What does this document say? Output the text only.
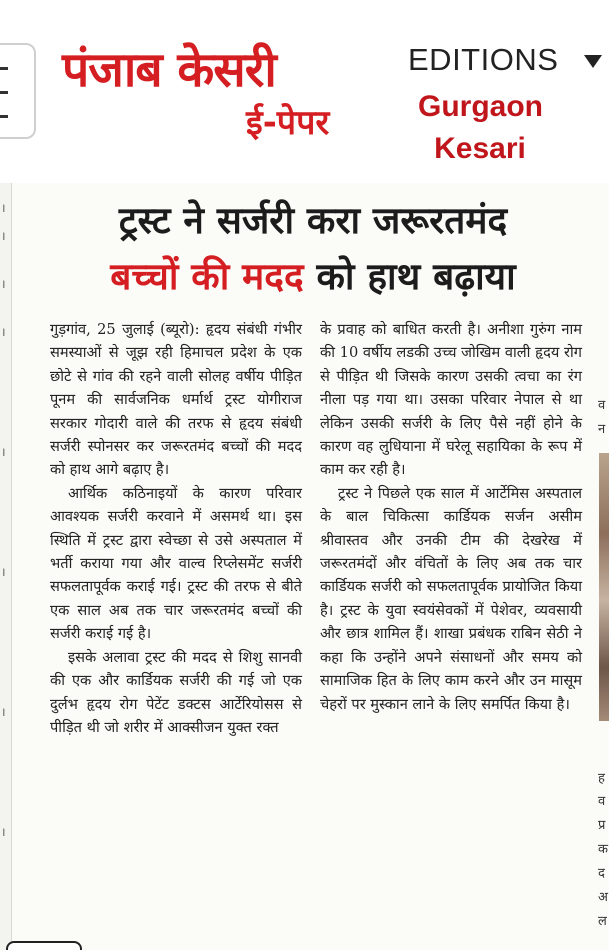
पंजाब केसरी
ई-पेपर
EDITIONS
Gurgaon Kesari
।
।
।
।
।
।
।
।
ट्रस्ट ने सर्जरी करा जरूरतमंद
बच्चों की मदद को हाथ बढ़ाया

गुड़गांव, 25 जुलाई (ब्यूरो): हृदय संबंधी गंभीर समस्याओं से जूझ रही हिमाचल प्रदेश के एक छोटे से गांव की रहने वाली सोलह वर्षीय पीड़ित पूनम की सार्वजनिक धर्मार्थ ट्रस्ट योगीराज सरकार गोदारी वाले की तरफ से हृदय संबंधी सर्जरी स्पोनसर कर जरूरतमंद बच्चों की मदद को हाथ आगे बढ़ाए है।

आर्थिक कठिनाइयों के कारण परिवार आवश्यक सर्जरी करवाने में असमर्थ था। इस स्थिति में ट्रस्ट द्वारा स्वेच्छा से उसे अस्पताल में भर्ती कराया गया और वाल्व रिप्लेसमेंट सर्जरी सफलतापूर्वक कराई गई। ट्रस्ट की तरफ से बीते एक साल अब तक चार जरूरतमंद बच्चों की सर्जरी कराई गई है।

इसके अलावा ट्रस्ट की मदद से शिशु सानवी की एक और कार्डियक सर्जरी की गई जो एक दुर्लभ हृदय रोग पेटेंट डक्टस आर्टेरियोसस से पीड़ित थी जो शरीर में आक्सीजन युक्त रक्त

के प्रवाह को बाधित करती है। अनीशा गुरुंग नाम की 10 वर्षीय लडकी उच्च जोखिम वाली हृदय रोग से पीड़ित थी जिसके कारण उसकी त्वचा का रंग नीला पड़ गया था। उसका परिवार नेपाल से था लेकिन उसकी सर्जरी के लिए पैसे नहीं होने के कारण वह लुधियाना में घरेलू सहायिका के रूप में काम कर रही है।

ट्रस्ट ने पिछले एक साल में आर्टेमिस अस्पताल के बाल चिकित्सा कार्डियक सर्जन असीम श्रीवास्तव और उनकी टीम की देखरेख में जरूरतमंदों और वंचितों के लिए अब तक चार कार्डियक सर्जरी को सफलतापूर्वक प्रायोजित किया है। ट्रस्ट के युवा स्वयंसेवकों में पेशेवर, व्यवसायी और छात्र शामिल हैं। शाखा प्रबंधक राबिन सेठी ने कहा कि उन्होंने अपने संसाधनों और समय को सामाजिक हित के लिए काम करने और उन मासूम चेहरों पर मुस्कान लाने के लिए समर्पित किया है।

व
न
ह
व
प्र
क
द
अ
ल
